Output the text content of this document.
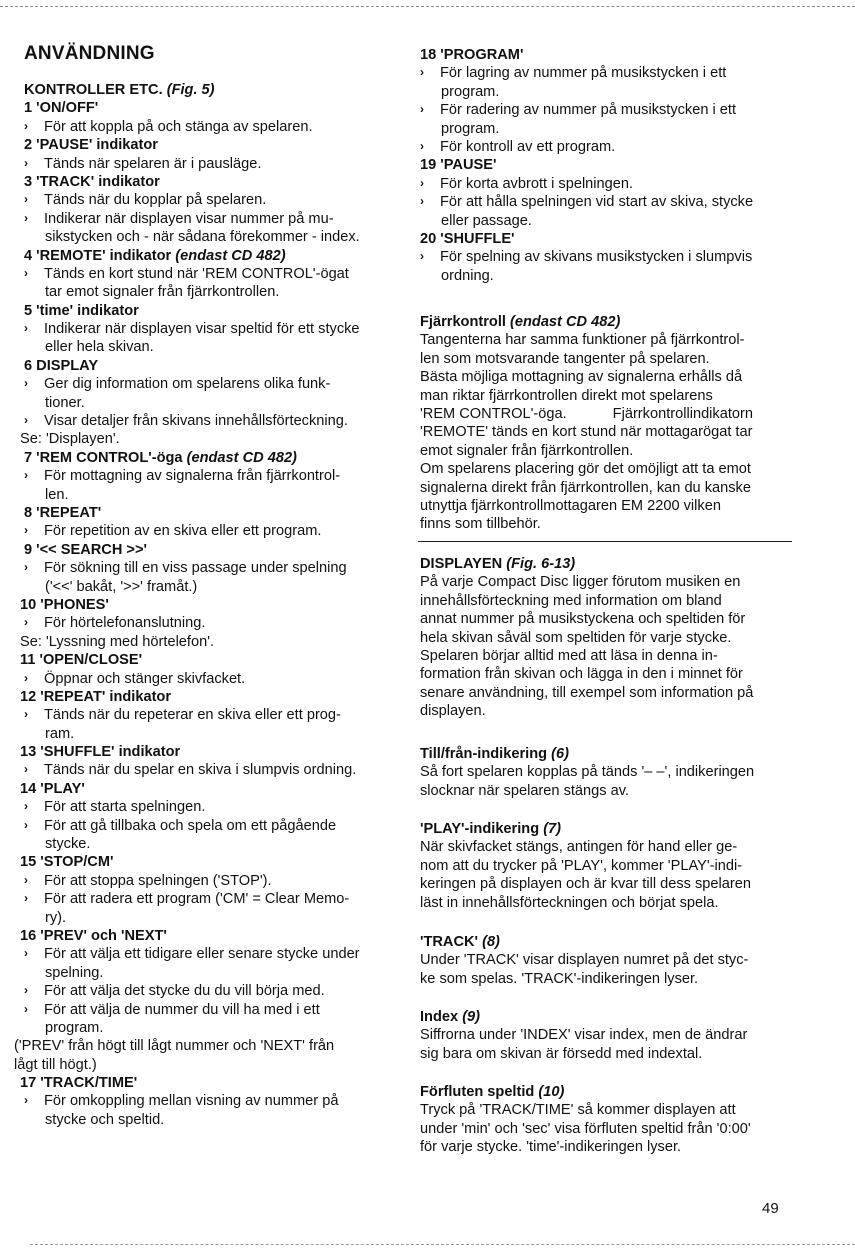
ANVÄNDNING
KONTROLLER ETC. (Fig. 5)
1 'ON/OFF'
› För att koppla på och stänga av spelaren.
2 'PAUSE' indikator
› Tänds när spelaren är i pausläge.
3 'TRACK' indikator
› Tänds när du kopplar på spelaren.
› Indikerar när displayen visar nummer på mu-
sikstycken och - när sådana förekommer - index.
4 'REMOTE' indikator (endast CD 482)
› Tänds en kort stund när 'REM CONTROL'-ögat
tar emot signaler från fjärrkontrollen.
5 'time' indikator
› Indikerar när displayen visar speltid för ett stycke
eller hela skivan.
6 DISPLAY
› Ger dig information om spelarens olika funk-
tioner.
› Visar detaljer från skivans innehållsförteckning.
Se: 'Displayen'.
7 'REM CONTROL'-öga (endast CD 482)
› För mottagning av signalerna från fjärrkontrol-
len.
8 'REPEAT'
› För repetition av en skiva eller ett program.
9 '<< SEARCH >>'
› För sökning till en viss passage under spelning
('<<' bakåt, '>>' framåt.)
10 'PHONES'
› För hörtelefonanslutning.
Se: 'Lyssning med hörtelefon'.
11 'OPEN/CLOSE'
› Öppnar och stänger skivfacket.
12 'REPEAT' indikator
› Tänds när du repeterar en skiva eller ett prog-
ram.
13 'SHUFFLE' indikator
› Tänds när du spelar en skiva i slumpvis ordning.
14 'PLAY'
› För att starta spelningen.
› För att gå tillbaka och spela om ett pågående
stycke.
15 'STOP/CM'
› För att stoppa spelningen ('STOP').
› För att radera ett program ('CM' = Clear Memo-
ry).
16 'PREV' och 'NEXT'
› För att välja ett tidigare eller senare stycke under
spelning.
› För att välja det stycke du du vill börja med.
› För att välja de nummer du vill ha med i ett
program.
('PREV' från högt till lågt nummer och 'NEXT' från
lågt till högt.)
17 'TRACK/TIME'
› För omkoppling mellan visning av nummer på
stycke och speltid.
18 'PROGRAM'
› För lagring av nummer på musikstycken i ett
program.
› För radering av nummer på musikstycken i ett
program.
› För kontroll av ett program.
19 'PAUSE'
› För korta avbrott i spelningen.
› För att hålla spelningen vid start av skiva, stycke
eller passage.
20 'SHUFFLE'
› För spelning av skivans musikstycken i slumpvis
ordning.
Fjärrkontroll (endast CD 482)
Tangenterna har samma funktioner på fjärrkontrol-
len som motsvarande tangenter på spelaren.
Bästa möjliga mottagning av signalerna erhålls då
man riktar fjärrkontrollen direkt mot spelarens
'REM CONTROL'-öga.	Fjärrkontrollindikatorn
'REMOTE' tänds en kort stund när mottagarögat tar
emot signaler från fjärrkontrollen.
Om spelarens placering gör det omöjligt att ta emot
signalerna direkt från fjärrkontrollen, kan du kanske
utnyttja fjärrkontrollmottagaren EM 2200 vilken
finns som tillbehör.
DISPLAYEN (Fig. 6-13)
På varje Compact Disc ligger förutom musiken en
innehållsförteckning med information om bland
annat nummer på musikstyckena och speltiden för
hela skivan såväl som speltiden för varje stycke.
Spelaren börjar alltid med att läsa in denna in-
formation från skivan och lägga in den i minnet för
senare användning, till exempel som information på
displayen.
Till/från-indikering (6)
Så fort spelaren kopplas på tänds '– –', indikeringen
slocknar när spelaren stängs av.
'PLAY'-indikering (7)
När skivfacket stängs, antingen för hand eller ge-
nom att du trycker på 'PLAY', kommer 'PLAY'-indi-
keringen på displayen och är kvar till dess spelaren
läst in innehållsförteckningen och börjat spela.
'TRACK' (8)
Under 'TRACK' visar displayen numret på det styc-
ke som spelas. 'TRACK'-indikeringen lyser.
Index (9)
Siffrorna under 'INDEX' visar index, men de ändrar
sig bara om skivan är försedd med indextal.
Förfluten speltid (10)
Tryck på 'TRACK/TIME' så kommer displayen att
under 'min' och 'sec' visa förfluten speltid från '0:00'
för varje stycke. 'time'-indikeringen lyser.
49
